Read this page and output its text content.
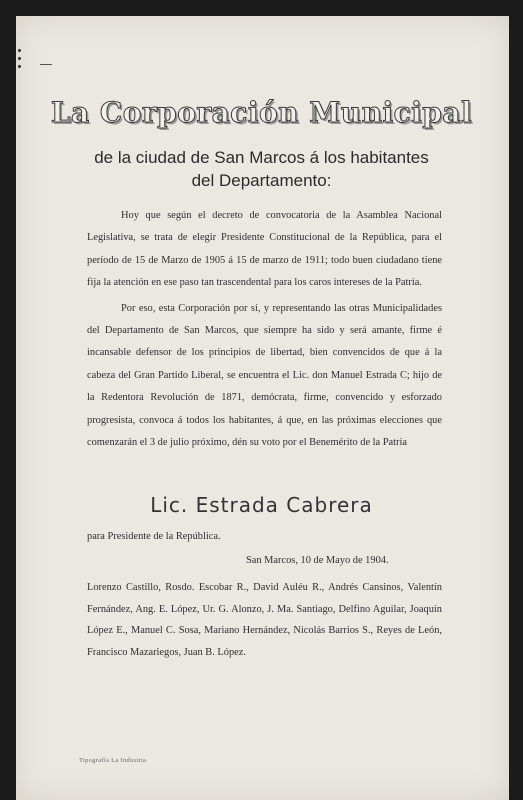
La Corporación Municipal
de la ciudad de San Marcos á los habitantes
del Departamento:

Hoy que según el decreto de convocatoria de la Asamblea Nacional Legislativa, se trata de elegir Presidente Constitucional de la República, para el período de 15 de Marzo de 1905 á 15 de marzo de 1911; todo buen ciudadano tiene fija la atención en ese paso tan trascendental para los caros intereses de la Patria.

Por eso, esta Corporación por sí, y representando las otras Municipalidades del Departamento de San Marcos, que siempre ha sido y será amante, firme é incansable defensor de los principios de libertad, bien convencidos de que á la cabeza del Gran Partido Liberal, se encuentra el Lic. don Manuel Estrada C; hijo de la Redentora Revolución de 1871, demócrata, firme, convencido y esforzado progresista, convoca á todos los habitantes, á que, en las próximas elecciones que comenzarán el 3 de julio próximo, dén su voto por el Benemérito de la Patria

Lic. Estrada Cabrera
para Presidente de la República.
San Marcos, 10 de Mayo de 1904.
Lorenzo Castillo, Rosdo. Escobar R., David Auléu R., Andrés Cansinos, Valentín Fernández, Ang. E. López, Ur. G. Alonzo, J. Ma. Santiago, Delfino Aguilar, Joaquín López E., Manuel C. Sosa, Mariano Hernández, Nicolás Barrios S., Reyes de León, Francisco Mazariegos, Juan B. López.
Tipografía La Industria
